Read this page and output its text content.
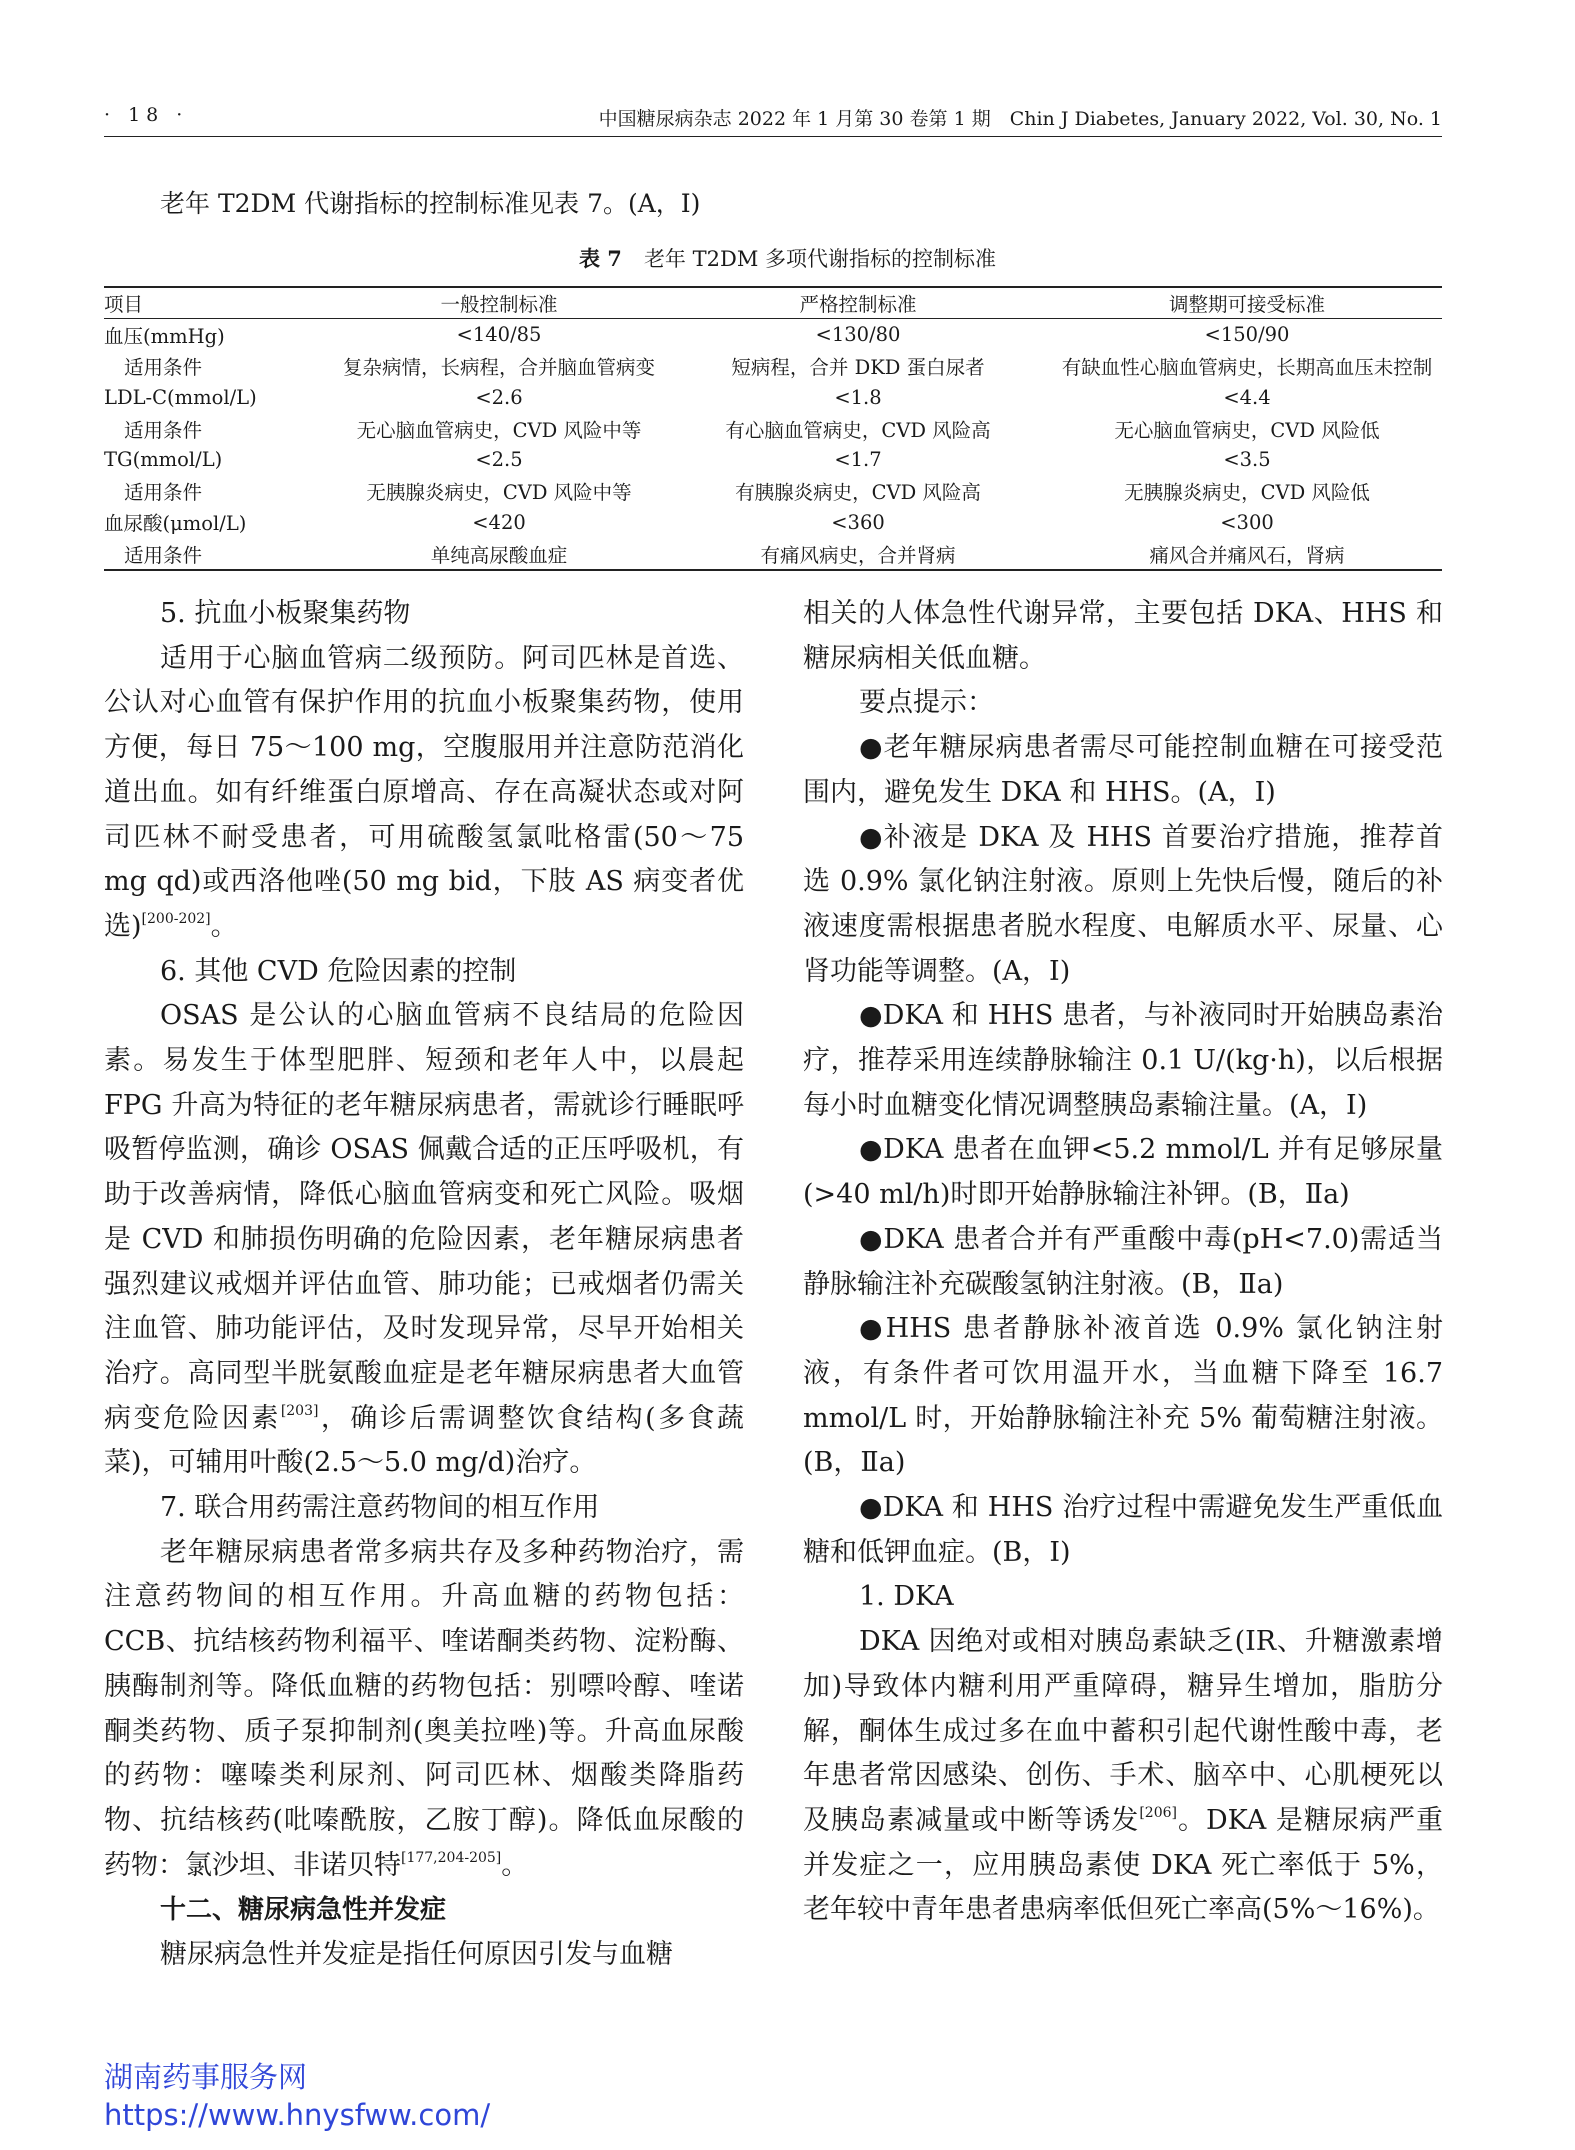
· 18 ·	中国糖尿病杂志 2022 年 1 月第 30 卷第 1 期　Chin J Diabetes, January 2022, Vol. 30, No. 1
老年 T2DM 代谢指标的控制标准见表 7。(A，Ⅰ)
表 7 老年 T2DM 多项代谢指标的控制标准
项目	一般控制标准	严格控制标准	调整期可接受标准
血压(mmHg)	<140/85	<130/80	<150/90
适用条件	复杂病情，长病程，合并脑血管病变	短病程，合并 DKD 蛋白尿者	有缺血性心脑血管病史，长期高血压未控制
LDL-C(mmol/L)	<2.6	<1.8	<4.4
适用条件	无心脑血管病史，CVD 风险中等	有心脑血管病史，CVD 风险高	无心脑血管病史，CVD 风险低
TG(mmol/L)	<2.5	<1.7	<3.5
适用条件	无胰腺炎病史，CVD 风险中等	有胰腺炎病史，CVD 风险高	无胰腺炎病史，CVD 风险低
血尿酸(μmol/L)	<420	<360	<300
适用条件	单纯高尿酸血症	有痛风病史，合并肾病	痛风合并痛风石，肾病

5. 抗血小板聚集药物

适用于心脑血管病二级预防。阿司匹林是首选、公认对心血管有保护作用的抗血小板聚集药物，使用方便，每日 75～100 mg，空腹服用并注意防范消化道出血。如有纤维蛋白原增高、存在高凝状态或对阿司匹林不耐受患者，可用硫酸氢氯吡格雷(50～75 mg qd)或西洛他唑(50 mg bid，下肢 AS 病变者优选)[200-202]。

6. 其他 CVD 危险因素的控制

OSAS 是公认的心脑血管病不良结局的危险因素。易发生于体型肥胖、短颈和老年人中，以晨起 FPG 升高为特征的老年糖尿病患者，需就诊行睡眠呼吸暂停监测，确诊 OSAS 佩戴合适的正压呼吸机，有助于改善病情，降低心脑血管病变和死亡风险。吸烟是 CVD 和肺损伤明确的危险因素，老年糖尿病患者强烈建议戒烟并评估血管、肺功能；已戒烟者仍需关注血管、肺功能评估，及时发现异常，尽早开始相关治疗。高同型半胱氨酸血症是老年糖尿病患者大血管病变危险因素[203]，确诊后需调整饮食结构(多食蔬菜)，可辅用叶酸(2.5～5.0 mg/d)治疗。

7. 联合用药需注意药物间的相互作用

老年糖尿病患者常多病共存及多种药物治疗，需注意药物间的相互作用。升高血糖的药物包括：CCB、抗结核药物利福平、喹诺酮类药物、淀粉酶、胰酶制剂等。降低血糖的药物包括：别嘌呤醇、喹诺酮类药物、质子泵抑制剂(奥美拉唑)等。升高血尿酸的药物：噻嗪类利尿剂、阿司匹林、烟酸类降脂药物、抗结核药(吡嗪酰胺，乙胺丁醇)。降低血尿酸的药物：氯沙坦、非诺贝特[177,204-205]。

十二、糖尿病急性并发症

糖尿病急性并发症是指任何原因引发与血糖

相关的人体急性代谢异常，主要包括 DKA、HHS 和糖尿病相关低血糖。

要点提示：

●老年糖尿病患者需尽可能控制血糖在可接受范围内，避免发生 DKA 和 HHS。(A，Ⅰ)

●补液是 DKA 及 HHS 首要治疗措施，推荐首选 0.9% 氯化钠注射液。原则上先快后慢，随后的补液速度需根据患者脱水程度、电解质水平、尿量、心肾功能等调整。(A，Ⅰ)

●DKA 和 HHS 患者，与补液同时开始胰岛素治疗，推荐采用连续静脉输注 0.1 U/(kg·h)，以后根据每小时血糖变化情况调整胰岛素输注量。(A，Ⅰ)

●DKA 患者在血钾<5.2 mmol/L 并有足够尿量(>40 ml/h)时即开始静脉输注补钾。(B，Ⅱa)

●DKA 患者合并有严重酸中毒(pH<7.0)需适当静脉输注补充碳酸氢钠注射液。(B，Ⅱa)

●HHS 患者静脉补液首选 0.9% 氯化钠注射液，有条件者可饮用温开水，当血糖下降至 16.7 mmol/L 时，开始静脉输注补充 5% 葡萄糖注射液。(B，Ⅱa)

●DKA 和 HHS 治疗过程中需避免发生严重低血糖和低钾血症。(B，Ⅰ)

1. DKA

DKA 因绝对或相对胰岛素缺乏(IR、升糖激素增加)导致体内糖利用严重障碍，糖异生增加，脂肪分解，酮体生成过多在血中蓄积引起代谢性酸中毒，老年患者常因感染、创伤、手术、脑卒中、心肌梗死以及胰岛素减量或中断等诱发[206]。DKA 是糖尿病严重并发症之一，应用胰岛素使 DKA 死亡率低于 5%，老年较中青年患者患病率低但死亡率高(5%～16%)。

湖南药事服务网
https://www.hnysfww.com/
